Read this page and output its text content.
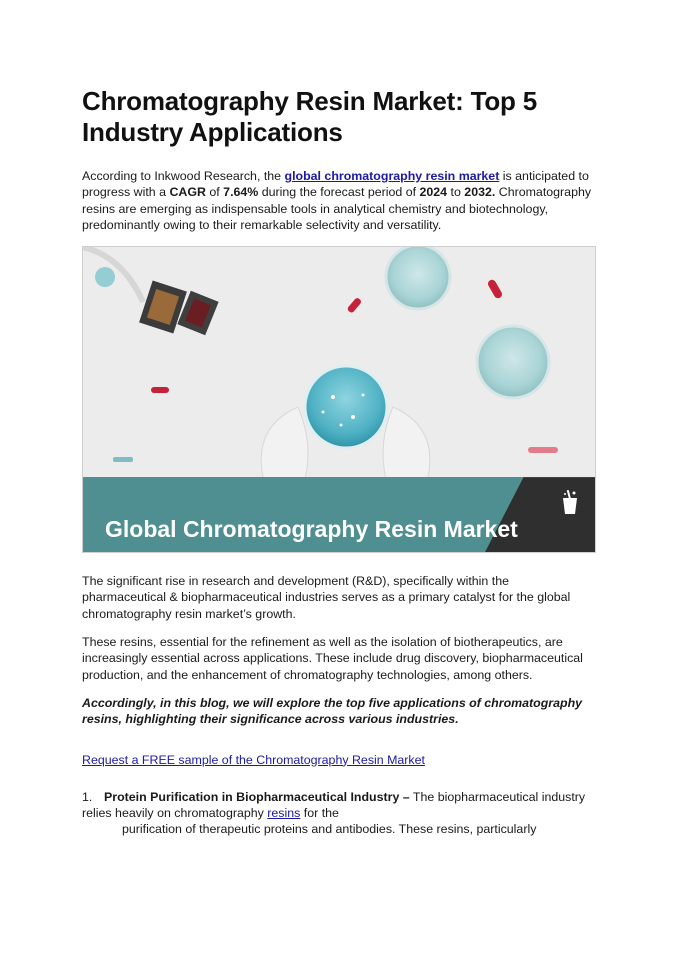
Chromatography Resin Market: Top 5 Industry Applications

According to Inkwood Research, the global chromatography resin market is anticipated to progress with a CAGR of 7.64% during the forecast period of 2024 to 2032. Chromatography resins are emerging as indispensable tools in analytical chemistry and biotechnology, predominantly owing to their remarkable selectivity and versatility.

Global Chromatography Resin Market

The significant rise in research and development (R&D), specifically within the pharmaceutical & biopharmaceutical industries serves as a primary catalyst for the global chromatography resin market’s growth.

These resins, essential for the refinement as well as the isolation of biotherapeutics, are increasingly essential across applications. These include drug discovery, biopharmaceutical production, and the enhancement of chromatography technologies, among others.

Accordingly, in this blog, we will explore the top five applications of chromatography resins, highlighting their significance across various industries.

Request a FREE sample of the Chromatography Resin Market

1. Protein Purification in Biopharmaceutical Industry – The biopharmaceutical industry relies heavily on chromatography resins for the

purification of therapeutic proteins and antibodies. These resins, particularly
